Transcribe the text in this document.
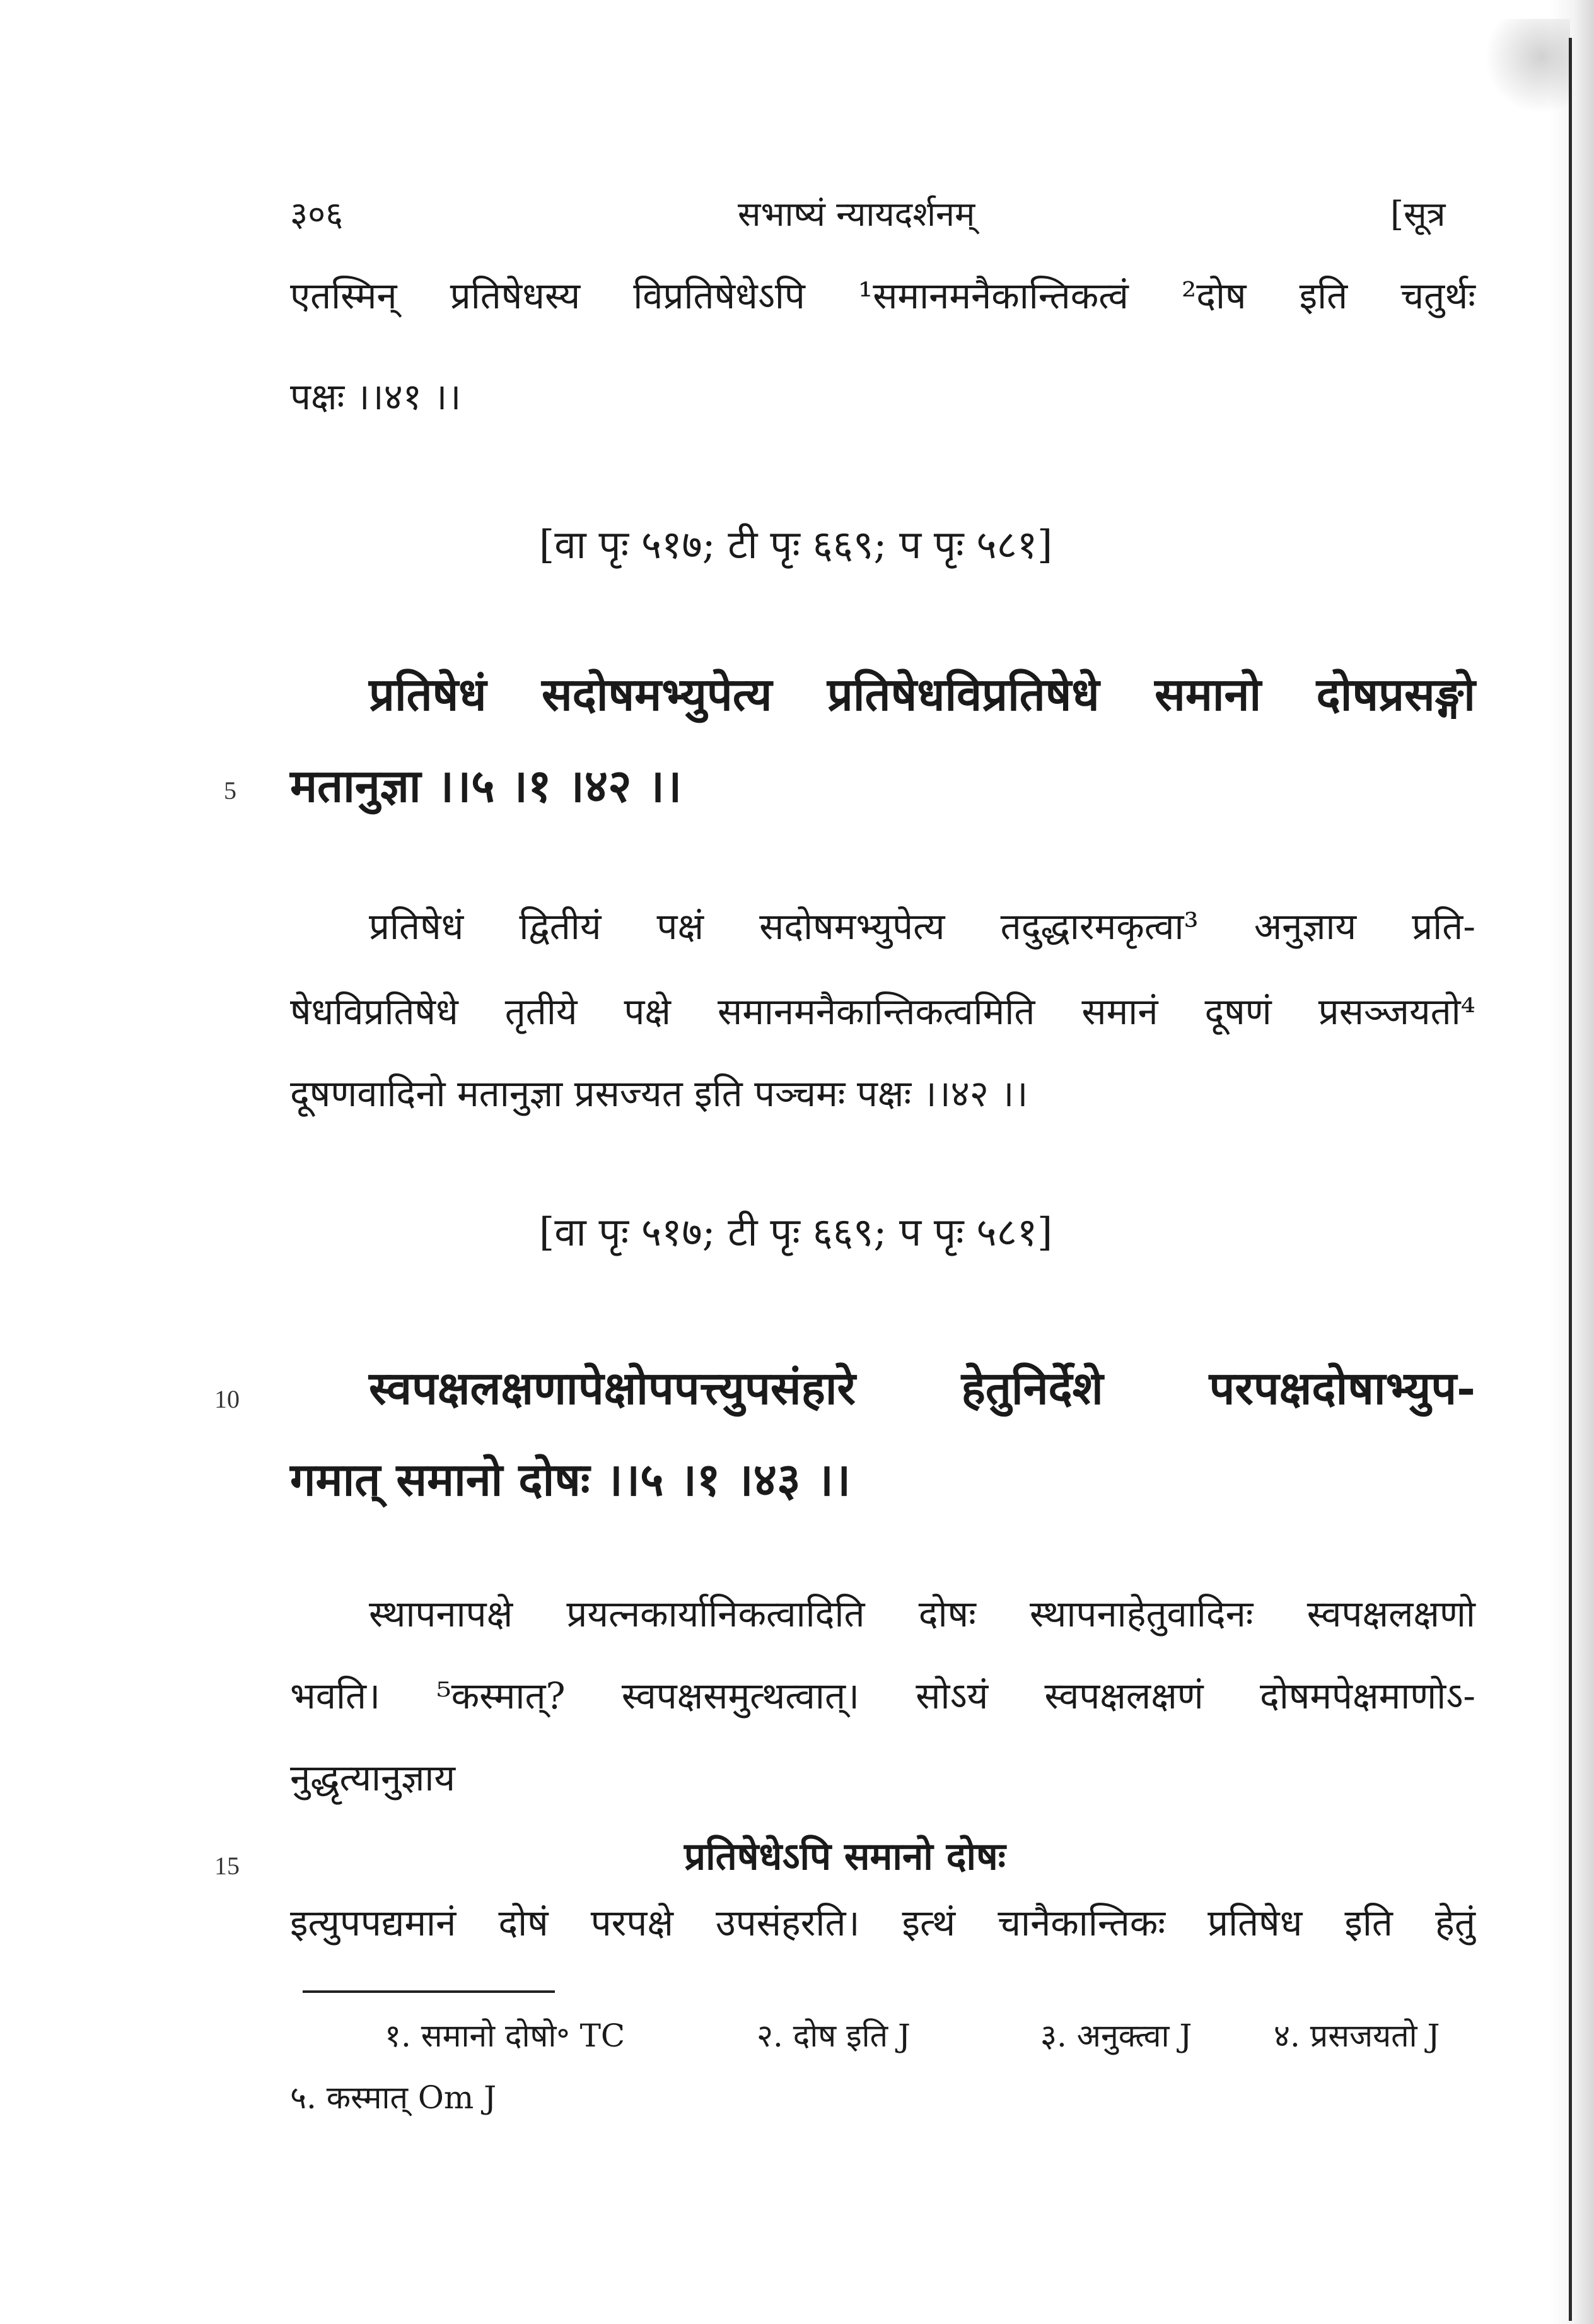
३०६	सभाष्यं न्यायदर्शनम्	[सूत्र
एतस्मिन् प्रतिषेधस्य विप्रतिषेधेऽपि ¹समानमनैकान्तिकत्वं ²दोष इति चतुर्थः
पक्षः ।।४१ ।।
[वा पृः ५१७; टी पृः ६६९; प पृः ५८१]
प्रतिषेधं सदोषमभ्युपेत्य प्रतिषेधविप्रतिषेधे समानो दोषप्रसङ्गो
मतानुज्ञा ।।५ ।१ ।४२ ।।
5
प्रतिषेधं द्वितीयं पक्षं सदोषमभ्युपेत्य तदुद्धारमकृत्वा³ अनुज्ञाय प्रति-
षेधविप्रतिषेधे तृतीये पक्षे समानमनैकान्तिकत्वमिति समानं दूषणं प्रसञ्जयतो⁴
दूषणवादिनो मतानुज्ञा प्रसज्यत इति पञ्चमः पक्षः ।।४२ ।।
[वा पृः ५१७; टी पृः ६६९; प पृः ५८१]
स्वपक्षलक्षणापेक्षोपपत्त्युपसंहारे हेतुनिर्देशे परपक्षदोषाभ्युप-
गमात् समानो दोषः ।।५ ।१ ।४३ ।।
10
स्थापनापक्षे प्रयत्नकार्यानिकत्वादिति दोषः स्थापनाहेतुवादिनः स्वपक्षलक्षणो
भवति। ⁵कस्मात्? स्वपक्षसमुत्थत्वात्। सोऽयं स्वपक्षलक्षणं दोषमपेक्षमाणोऽ-
नुद्धृत्यानुज्ञाय
प्रतिषेधेऽपि समानो दोषः
15
इत्युपपद्यमानं दोषं परपक्षे उपसंहरति। इत्थं चानैकान्तिकः प्रतिषेध इति हेतुं
१. समानो दोषो॰ TC	२. दोष इति J	३. अनुक्त्वा J	४. प्रसजयतो J
५. कस्मात् Om J
